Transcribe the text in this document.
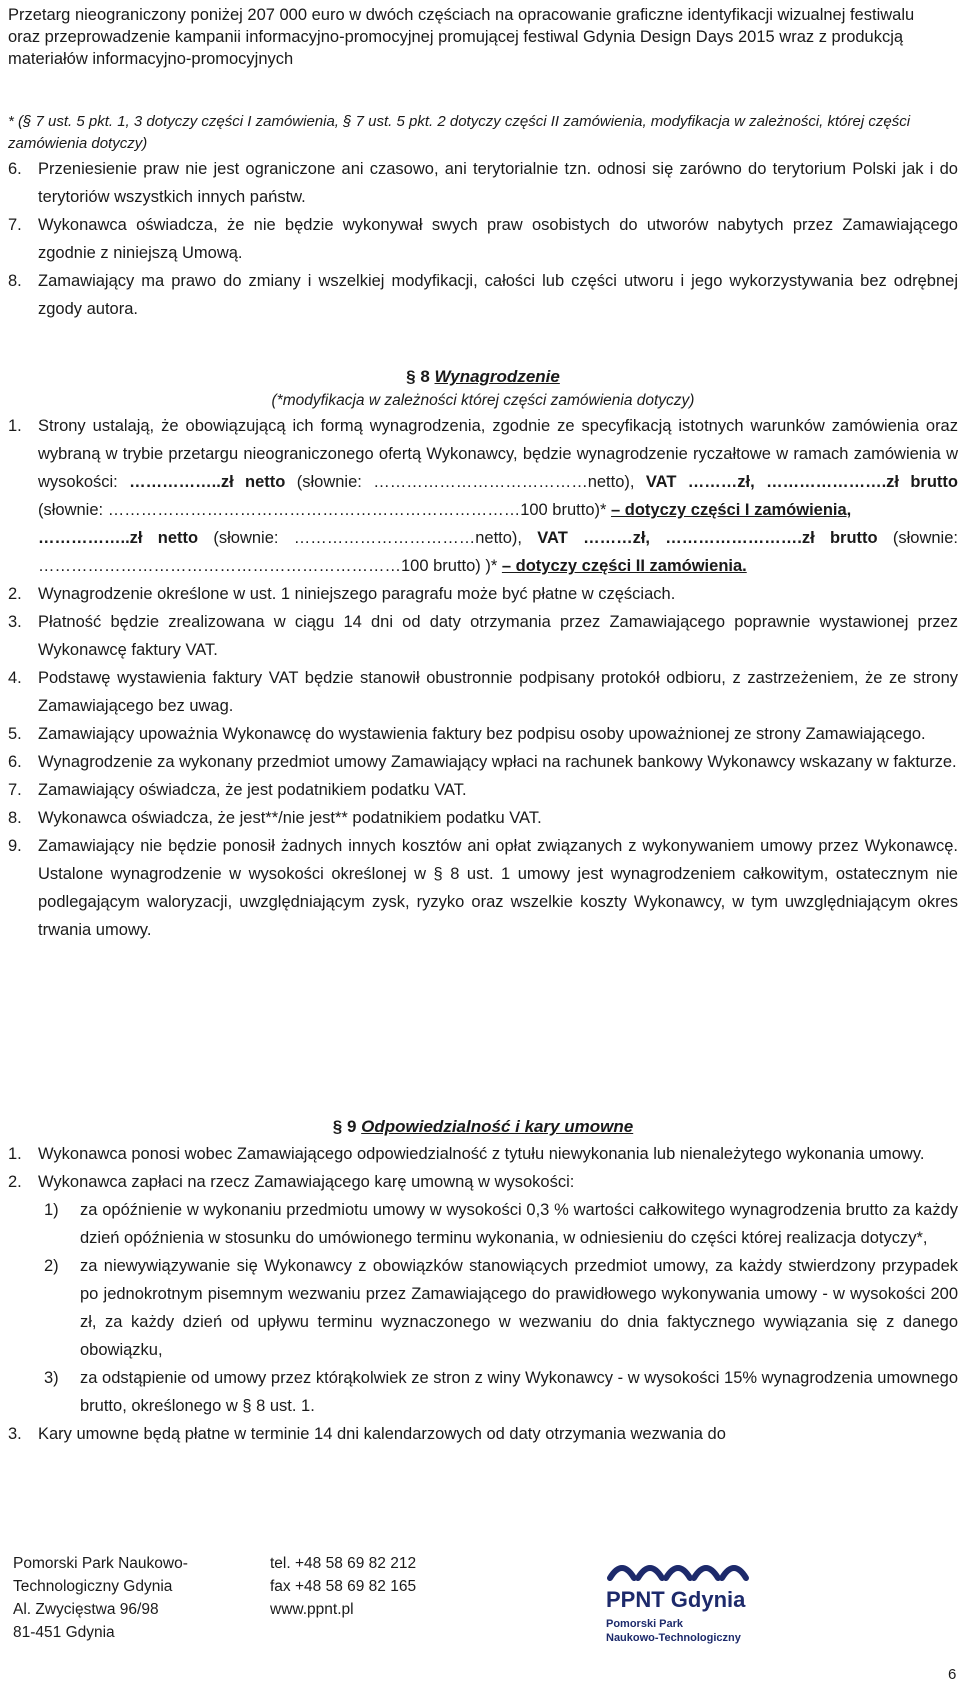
Przetarg nieograniczony poniżej 207 000 euro w dwóch częściach na opracowanie graficzne identyfikacji wizualnej festiwalu
oraz przeprowadzenie kampanii informacyjno-promocyjnej promującej festiwal Gdynia Design Days 2015 wraz z produkcją
materiałów informacyjno-promocyjnych
* (§ 7 ust. 5 pkt. 1, 3 dotyczy części I zamówienia, § 7 ust. 5 pkt. 2 dotyczy części II zamówienia, modyfikacja w zależności, której części zamówienia dotyczy)
6. Przeniesienie praw nie jest ograniczone ani czasowo, ani terytorialnie tzn. odnosi się zarówno do terytorium Polski jak i do terytoriów wszystkich innych państw.
7. Wykonawca oświadcza, że nie będzie wykonywał swych praw osobistych do utworów nabytych przez Zamawiającego zgodnie z niniejszą Umową.
8. Zamawiający ma prawo do zmiany i wszelkiej modyfikacji, całości lub części utworu i jego wykorzystywania bez odrębnej zgody autora.
§ 8 Wynagrodzenie
(*modyfikacja w zależności której części zamówienia dotyczy)
1. Strony ustalają, że obowiązującą ich formą wynagrodzenia, zgodnie ze specyfikacją istotnych warunków zamówienia oraz wybraną w trybie przetargu nieograniczonego ofertą Wykonawcy, będzie wynagrodzenie ryczałtowe w ramach zamówienia w wysokości: ……………..zł netto (słownie: …………………………………netto), VAT ………zł, ………………….zł brutto (słownie: …………………………………………………………………100 brutto)* – dotyczy części I zamówienia,
……………..zł netto (słownie: ……………………………netto), VAT ………zł, …………………….zł brutto (słownie: …………………………………………………………100 brutto) )* – dotyczy części II zamówienia.
2. Wynagrodzenie określone w ust. 1 niniejszego paragrafu może być płatne w częściach.
3. Płatność będzie zrealizowana w ciągu 14 dni od daty otrzymania przez Zamawiającego poprawnie wystawionej przez Wykonawcę faktury VAT.
4. Podstawę wystawienia faktury VAT będzie stanowił obustronnie podpisany protokół odbioru, z zastrzeżeniem, że ze strony Zamawiającego bez uwag.
5. Zamawiający upoważnia Wykonawcę do wystawienia faktury bez podpisu osoby upoważnionej ze strony Zamawiającego.
6. Wynagrodzenie za wykonany przedmiot umowy Zamawiający wpłaci na rachunek bankowy Wykonawcy wskazany w fakturze.
7. Zamawiający oświadcza, że jest podatnikiem podatku VAT.
8. Wykonawca oświadcza, że jest**/nie jest** podatnikiem podatku VAT.
9. Zamawiający nie będzie ponosił żadnych innych kosztów ani opłat związanych z wykonywaniem umowy przez Wykonawcę. Ustalone wynagrodzenie w wysokości określonej w § 8 ust. 1 umowy jest wynagrodzeniem całkowitym, ostatecznym nie podlegającym waloryzacji, uwzględniającym zysk, ryzyko oraz wszelkie koszty Wykonawcy, w tym uwzględniającym okres trwania umowy.
§ 9 Odpowiedzialność i kary umowne
1. Wykonawca ponosi wobec Zamawiającego odpowiedzialność z tytułu niewykonania lub nienależytego wykonania umowy.
2. Wykonawca zapłaci na rzecz Zamawiającego karę umowną w wysokości:
1)	za opóźnienie w wykonaniu przedmiotu umowy w wysokości 0,3 % wartości całkowitego wynagrodzenia brutto za każdy dzień opóźnienia w stosunku do umówionego terminu wykonania, w odniesieniu do części której realizacja dotyczy*,
2)	za niewywiązywanie się Wykonawcy z obowiązków stanowiących przedmiot umowy, za każdy stwierdzony przypadek po jednokrotnym pisemnym wezwaniu przez Zamawiającego do prawidłowego wykonywania umowy - w wysokości 200 zł, za każdy dzień od upływu terminu wyznaczonego w wezwaniu do dnia faktycznego wywiązania się z danego obowiązku,
3)	za odstąpienie od umowy przez którąkolwiek ze stron z winy Wykonawcy - w wysokości 15% wynagrodzenia umownego brutto, określonego w § 8 ust. 1.
3. Kary umowne będą płatne w terminie 14 dni kalendarzowych od daty otrzymania wezwania do
Pomorski Park Naukowo-
Technologiczny Gdynia
Al. Zwycięstwa 96/98
81-451 Gdynia
tel. +48 58 69 82 212
fax +48 58 69 82 165
www.ppnt.pl	PPNT Gdynia
Pomorski Park
Naukowo-Technologiczny
6
